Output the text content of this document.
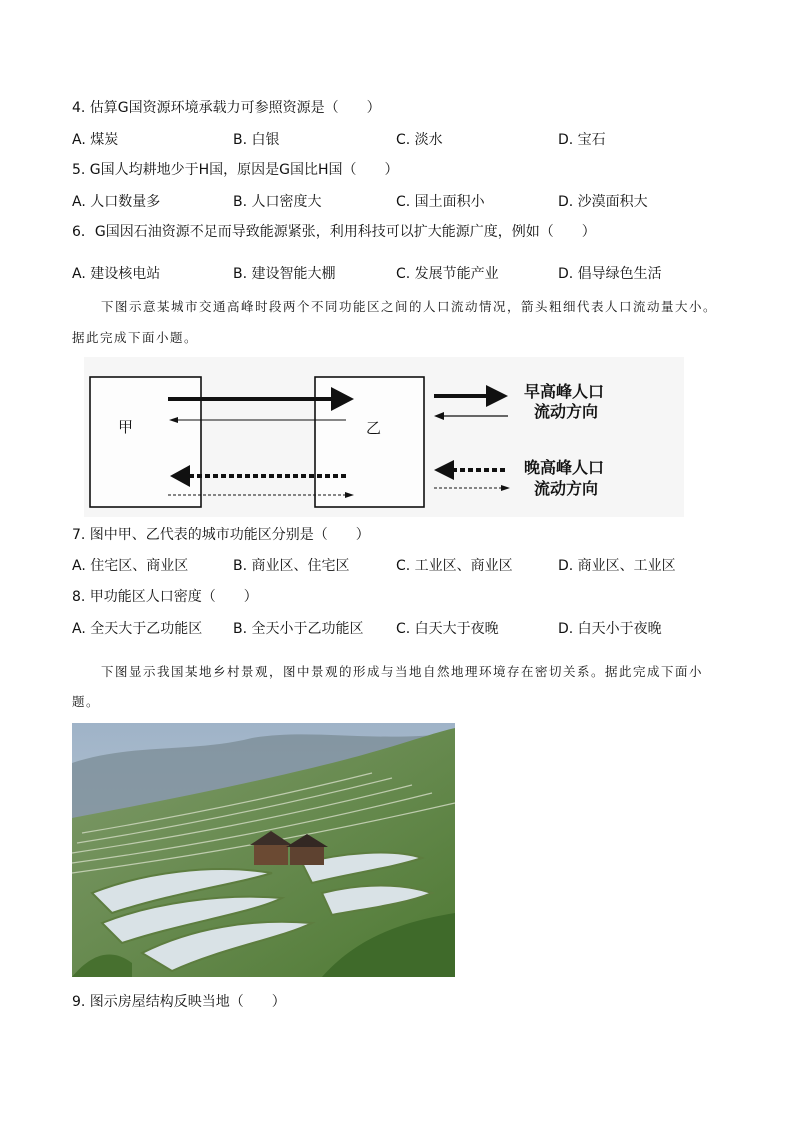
4. 估算G国资源环境承载力可参照资源是（　　）
A. 煤炭	B. 白银	C. 淡水	D. 宝石
5. G国人均耕地少于H国，原因是G国比H国（　　）
A. 人口数量多	B. 人口密度大	C. 国土面积小	D. 沙漠面积大
6．G国因石油资源不足而导致能源紧张，利用科技可以扩大能源广度，例如（　　）
A. 建设核电站	B. 建设智能大棚	C. 发展节能产业	D. 倡导绿色生活
下图示意某城市交通高峰时段两个不同功能区之间的人口流动情况，箭头粗细代表人口流动量大小。
据此完成下面小题。
甲	乙
早高峰人口
流动方向
晚高峰人口
流动方向
7. 图中甲、乙代表的城市功能区分别是（　　）
A. 住宅区、商业区	B. 商业区、住宅区	C. 工业区、商业区	D. 商业区、工业区
8. 甲功能区人口密度（　　）
A. 全天大于乙功能区 B. 全天小于乙功能区 C. 白天大于夜晚	D. 白天小于夜晚
下图显示我国某地乡村景观，图中景观的形成与当地自然地理环境存在密切关系。据此完成下面小
题。
9. 图示房屋结构反映当地（　　）
